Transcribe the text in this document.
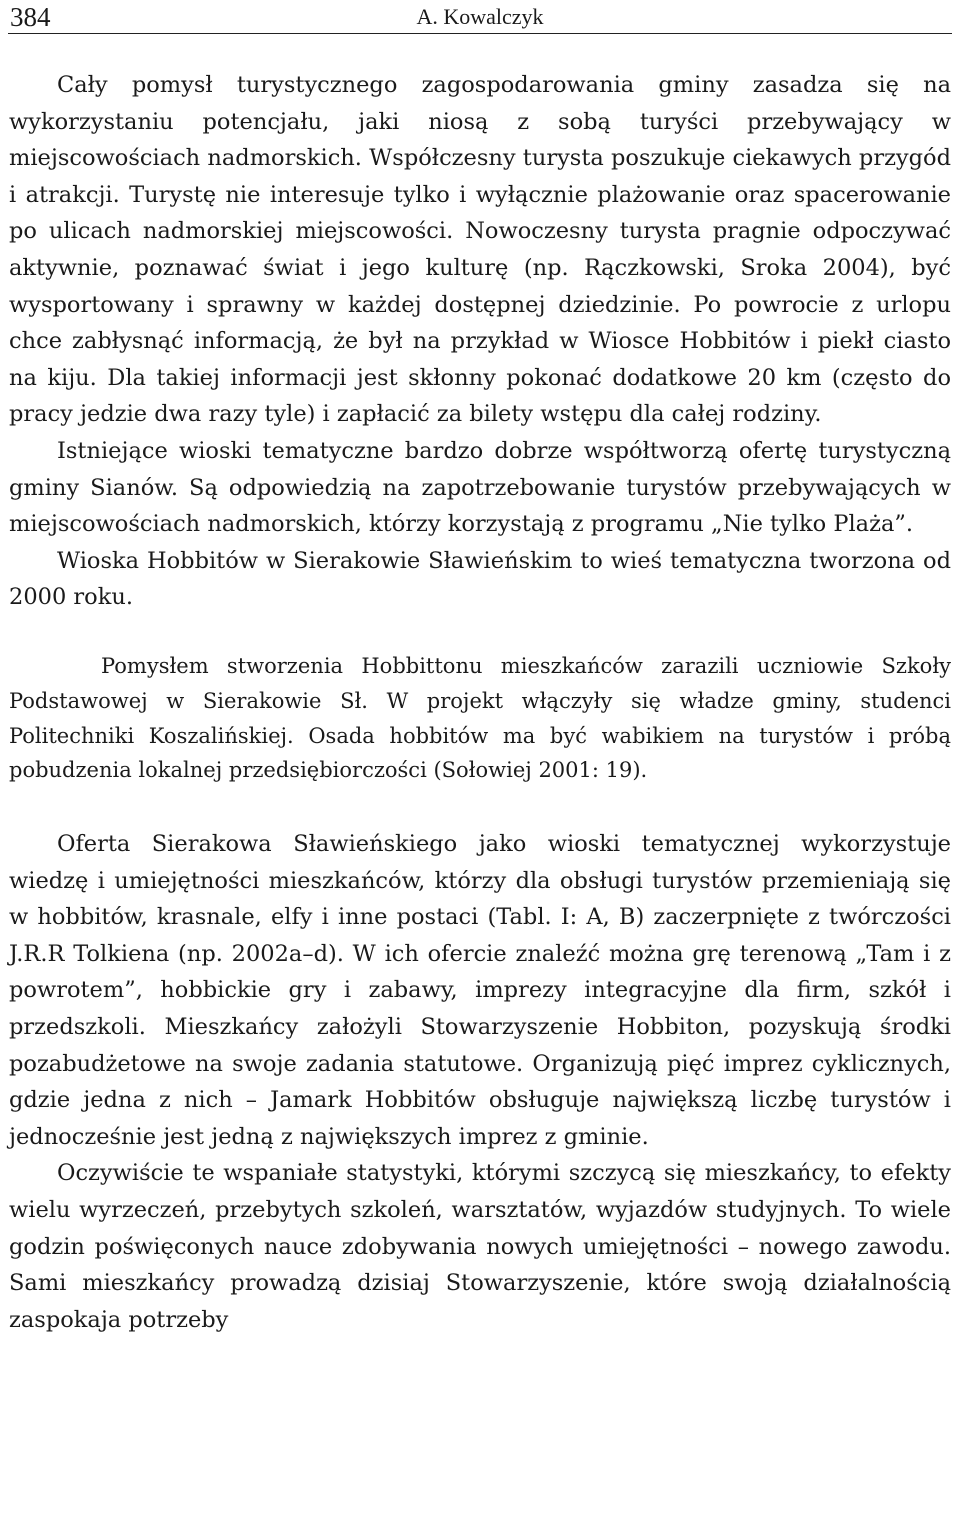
384	A. Kowalczyk

Cały pomysł turystycznego zagospodarowania gminy zasadza się na wykorzystaniu potencjału, jaki niosą z sobą turyści przebywający w miejscowościach nadmorskich. Współczesny turysta poszukuje ciekawych przygód i atrakcji. Turystę nie interesuje tylko i wyłącznie plażowanie oraz spacerowanie po ulicach nadmorskiej miejscowości. Nowoczesny turysta pragnie odpoczywać aktywnie, poznawać świat i jego kulturę (np. Rączkowski, Sroka 2004), być wysportowany i sprawny w każdej dostępnej dziedzinie. Po powrocie z urlopu chce zabłysnąć informacją, że był na przykład w Wiosce Hobbitów i piekł ciasto na kiju. Dla takiej informacji jest skłonny pokonać dodatkowe 20 km (często do pracy jedzie dwa razy tyle) i zapłacić za bilety wstępu dla całej rodziny.

Istniejące wioski tematyczne bardzo dobrze współtworzą ofertę turystyczną gminy Sianów. Są odpowiedzią na zapotrzebowanie turystów przebywających w miejscowościach nadmorskich, którzy korzystają z programu „Nie tylko Plaża”.

Wioska Hobbitów w Sierakowie Sławieńskim to wieś tematyczna tworzona od 2000 roku.

Pomysłem stworzenia Hobbittonu mieszkańców zarazili uczniowie Szkoły Podstawowej w Sierakowie Sł. W projekt włączyły się władze gminy, studenci Politechniki Koszalińskiej. Osada hobbitów ma być wabikiem na turystów i próbą pobudzenia lokalnej przedsiębiorczości (Sołowiej 2001: 19).

Oferta Sierakowa Sławieńskiego jako wioski tematycznej wykorzystuje wiedzę i umiejętności mieszkańców, którzy dla obsługi turystów przemieniają się w hobbitów, krasnale, elfy i inne postaci (Tabl. I: A, B) zaczerpnięte z twórczości J.R.R Tolkiena (np. 2002a–d). W ich ofercie znaleźć można grę terenową „Tam i z powrotem”, hobbickie gry i zabawy, imprezy integracyjne dla firm, szkół i przedszkoli. Mieszkańcy założyli Stowarzyszenie Hobbiton, pozyskują środki pozabudżetowe na swoje zadania statutowe. Organizują pięć imprez cyklicznych, gdzie jedna z nich – Jamark Hobbitów obsługuje największą liczbę turystów i jednocześnie jest jedną z największych imprez z gminie.

Oczywiście te wspaniałe statystyki, którymi szczycą się mieszkańcy, to efekty wielu wyrzeczeń, przebytych szkoleń, warsztatów, wyjazdów studyjnych. To wiele godzin poświęconych nauce zdobywania nowych umiejętności – nowego zawodu. Sami mieszkańcy prowadzą dzisiaj Stowarzyszenie, które swoją działalnością zaspokaja potrzeby
